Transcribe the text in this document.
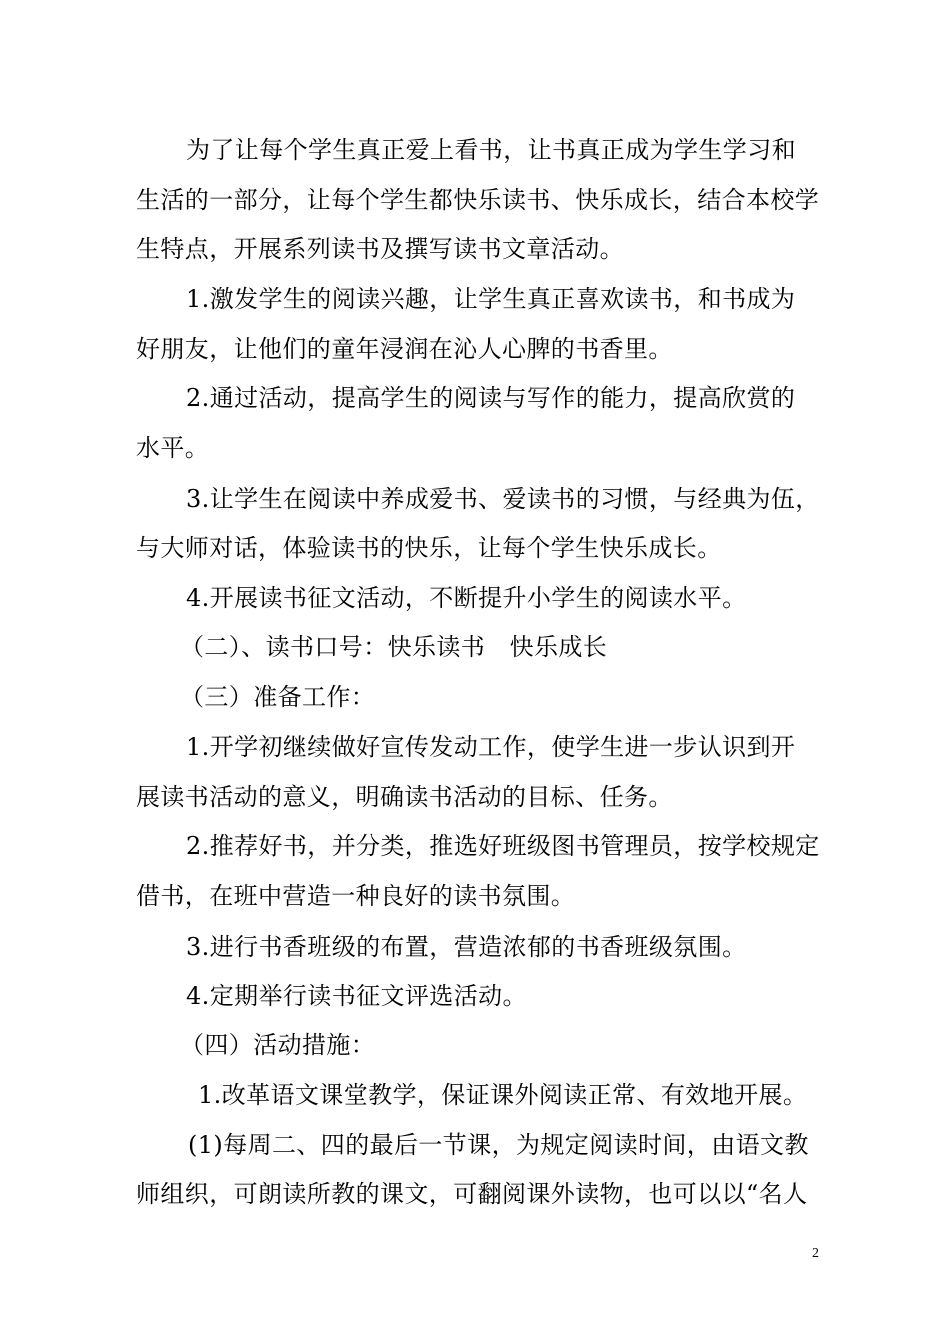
为了让每个学生真正爱上看书，让书真正成为学生学习和
生活的一部分，让每个学生都快乐读书、快乐成长，结合本校学
生特点，开展系列读书及撰写读书文章活动。
1.激发学生的阅读兴趣，让学生真正喜欢读书，和书成为
好朋友，让他们的童年浸润在沁人心脾的书香里。
2.通过活动，提高学生的阅读与写作的能力，提高欣赏的
水平。
3.让学生在阅读中养成爱书、爱读书的习惯，与经典为伍，
与大师对话，体验读书的快乐，让每个学生快乐成长。
4.开展读书征文活动，不断提升小学生的阅读水平。
（二）、读书口号：快乐读书　快乐成长
（三）准备工作：
1.开学初继续做好宣传发动工作，使学生进一步认识到开
展读书活动的意义，明确读书活动的目标、任务。
2.推荐好书，并分类，推选好班级图书管理员，按学校规定
借书，在班中营造一种良好的读书氛围。
3.进行书香班级的布置，营造浓郁的书香班级氛围。
4.定期举行读书征文评选活动。
（四）活动措施：
1.改革语文课堂教学，保证课外阅读正常、有效地开展。
(1)每周二、四的最后一节课，为规定阅读时间，由语文教
师组织，可朗读所教的课文，可翻阅课外读物，也可以以“名人
2
